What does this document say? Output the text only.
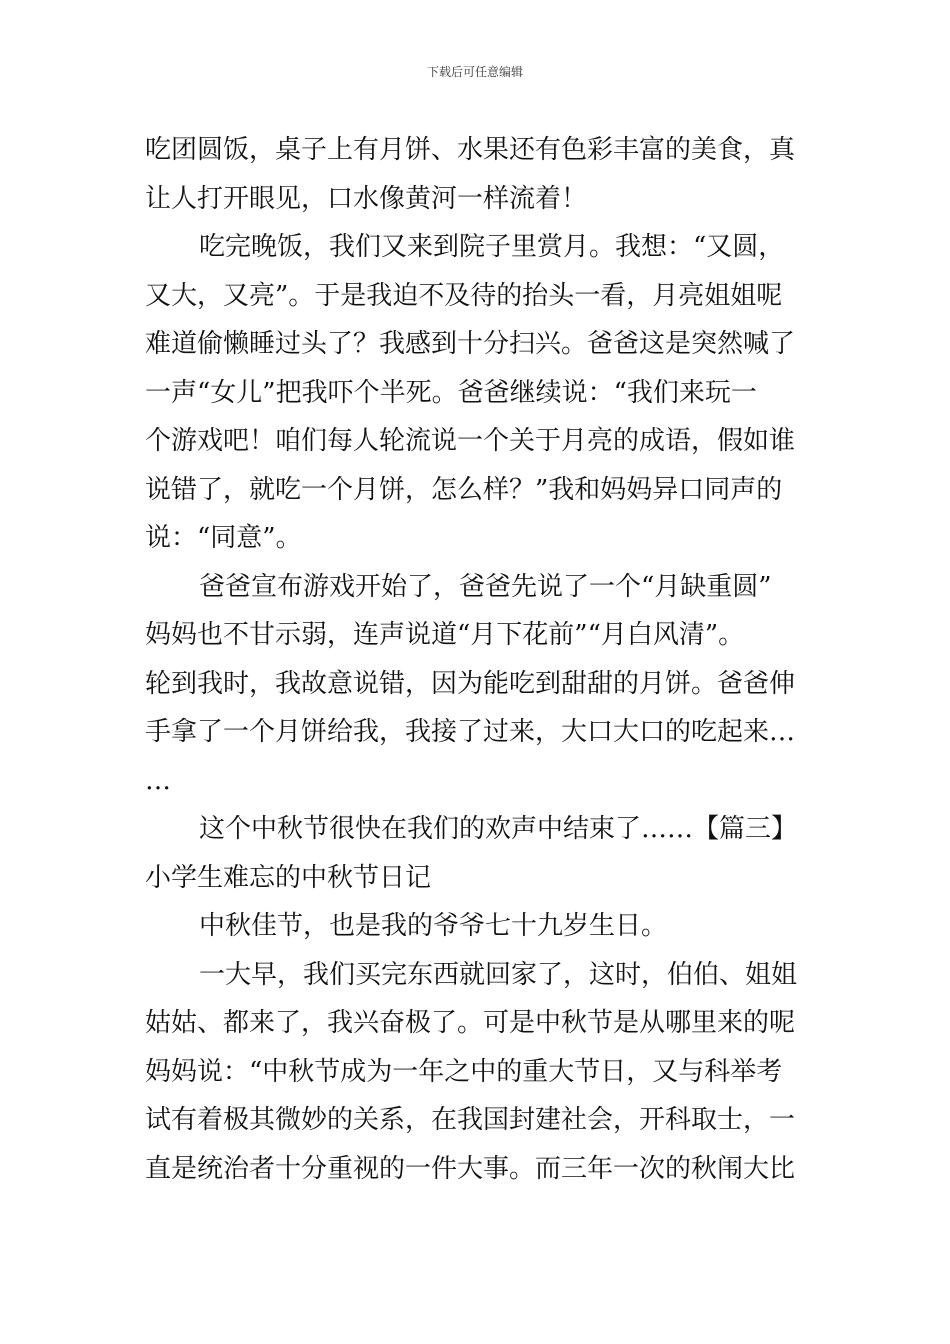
下载后可任意编辑
吃团圆饭，桌子上有月饼、水果还有色彩丰富的美食，真
让人打开眼见，口水像黄河一样流着！
吃完晚饭，我们又来到院子里赏月。我想：“又圆，
又大，又亮”。于是我迫不及待的抬头一看，月亮姐姐呢
难道偷懒睡过头了？我感到十分扫兴。爸爸这是突然喊了
一声“女儿”把我吓个半死。爸爸继续说：“我们来玩一
个游戏吧！咱们每人轮流说一个关于月亮的成语，假如谁
说错了，就吃一个月饼，怎么样？”我和妈妈异口同声的
说：“同意”。
爸爸宣布游戏开始了，爸爸先说了一个“月缺重圆”
妈妈也不甘示弱，连声说道“月下花前”“月白风清”。
轮到我时，我故意说错，因为能吃到甜甜的月饼。爸爸伸
手拿了一个月饼给我，我接了过来，大口大口的吃起来…
…
这个中秋节很快在我们的欢声中结束了……【篇三】
小学生难忘的中秋节日记
中秋佳节，也是我的爷爷七十九岁生日。
一大早，我们买完东西就回家了，这时，伯伯、姐姐
姑姑、都来了，我兴奋极了。可是中秋节是从哪里来的呢
妈妈说：“中秋节成为一年之中的重大节日，又与科举考
试有着极其微妙的关系，在我国封建社会，开科取士，一
直是统治者十分重视的一件大事。而三年一次的秋闱大比
